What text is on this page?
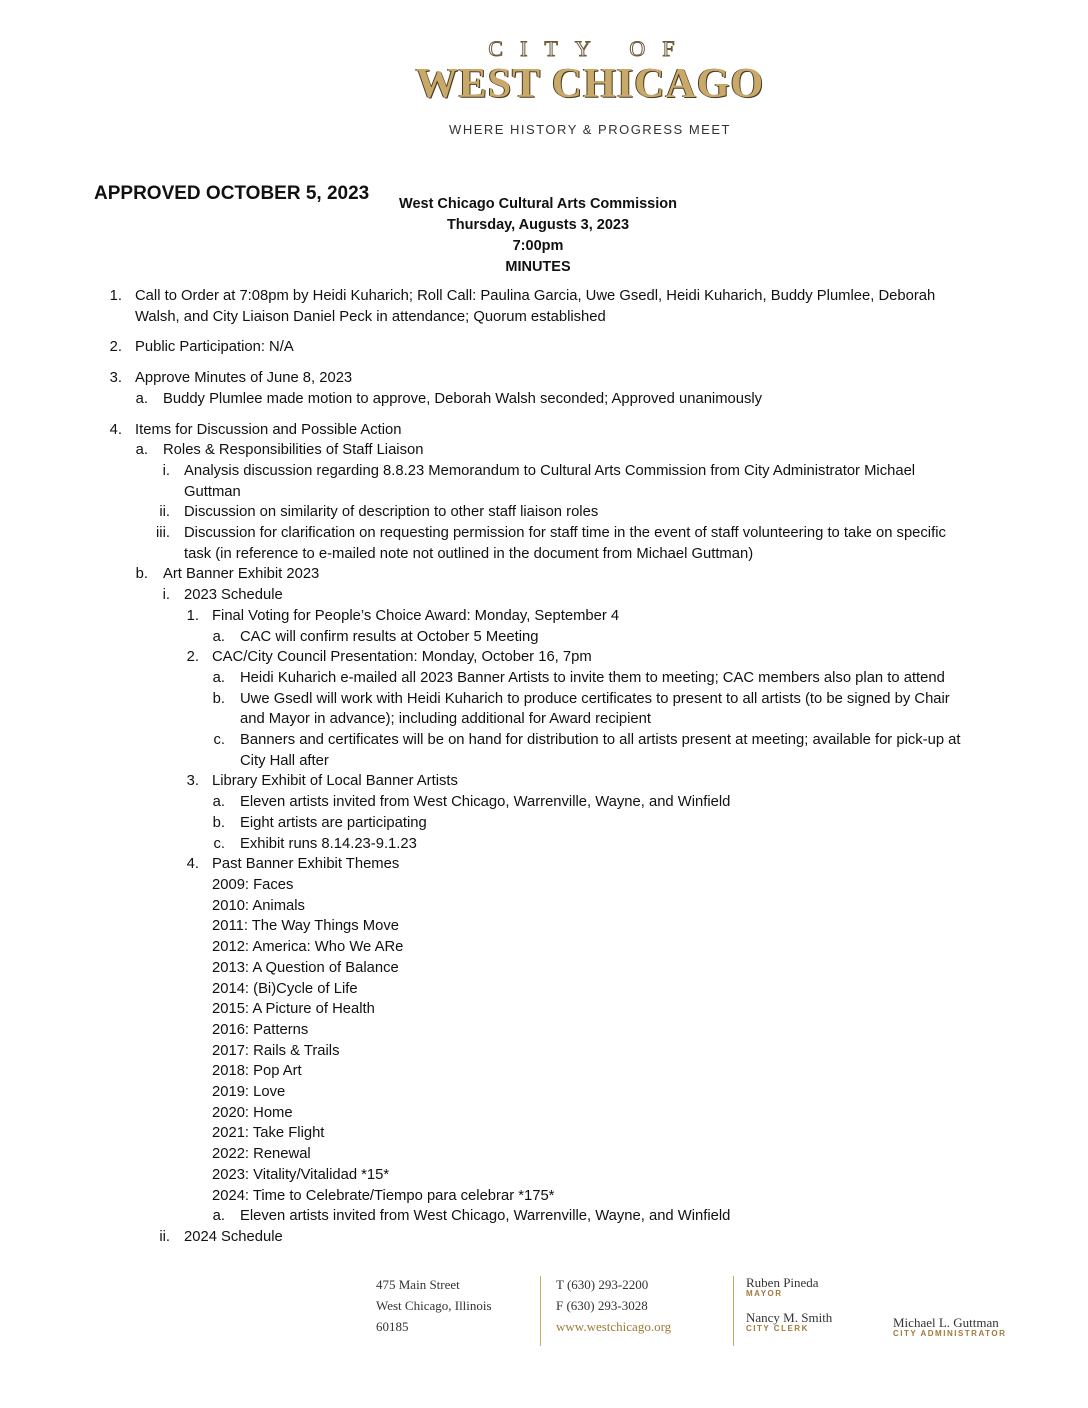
CITY OF
WEST CHICAGO
WHERE HISTORY & PROGRESS MEET
APPROVED OCTOBER 5, 2023	West Chicago Cultural Arts Commission
Thursday, Augusts 3, 2023
7:00pm
MINUTES
1. Call to Order at 7:08pm by Heidi Kuharich; Roll Call: Paulina Garcia, Uwe Gsedl, Heidi Kuharich, Buddy Plumlee, Deborah Walsh, and City Liaison Daniel Peck in attendance; Quorum established
2. Public Participation: N/A
3. Approve Minutes of June 8, 2023
a. Buddy Plumlee made motion to approve, Deborah Walsh seconded; Approved unanimously
4. Items for Discussion and Possible Action
a. Roles & Responsibilities of Staff Liaison
i. Analysis discussion regarding 8.8.23 Memorandum to Cultural Arts Commission from City Administrator Michael Guttman
ii. Discussion on similarity of description to other staff liaison roles
iii. Discussion for clarification on requesting permission for staff time in the event of staff volunteering to take on specific task (in reference to e-mailed note not outlined in the document from Michael Guttman)
b. Art Banner Exhibit 2023
i. 2023 Schedule
1. Final Voting for People’s Choice Award: Monday, September 4
a. CAC will confirm results at October 5 Meeting
2. CAC/City Council Presentation: Monday, October 16, 7pm
a. Heidi Kuharich e-mailed all 2023 Banner Artists to invite them to meeting; CAC members also plan to attend
b. Uwe Gsedl will work with Heidi Kuharich to produce certificates to present to all artists (to be signed by Chair and Mayor in advance); including additional for Award recipient
c. Banners and certificates will be on hand for distribution to all artists present at meeting; available for pick-up at City Hall after
3. Library Exhibit of Local Banner Artists
a. Eleven artists invited from West Chicago, Warrenville, Wayne, and Winfield
b. Eight artists are participating
c. Exhibit runs 8.14.23-9.1.23
4. Past Banner Exhibit Themes
2009: Faces
2010: Animals
2011: The Way Things Move
2012: America: Who We ARe
2013: A Question of Balance
2014: (Bi)Cycle of Life
2015: A Picture of Health
2016: Patterns
2017: Rails & Trails
2018: Pop Art
2019: Love
2020: Home
2021: Take Flight
2022: Renewal
2023: Vitality/Vitalidad *15*
2024: Time to Celebrate/Tiempo para celebrar *175*
a. Eleven artists invited from West Chicago, Warrenville, Wayne, and Winfield
ii. 2024 Schedule
475 Main Street
West Chicago, Illinois
60185
T (630) 293-2200
F (630) 293-3028
www.westchicago.org
Ruben Pineda
MAYOR
Nancy M. Smith
CITY CLERK	Michael L. Guttman
CITY ADMINISTRATOR
